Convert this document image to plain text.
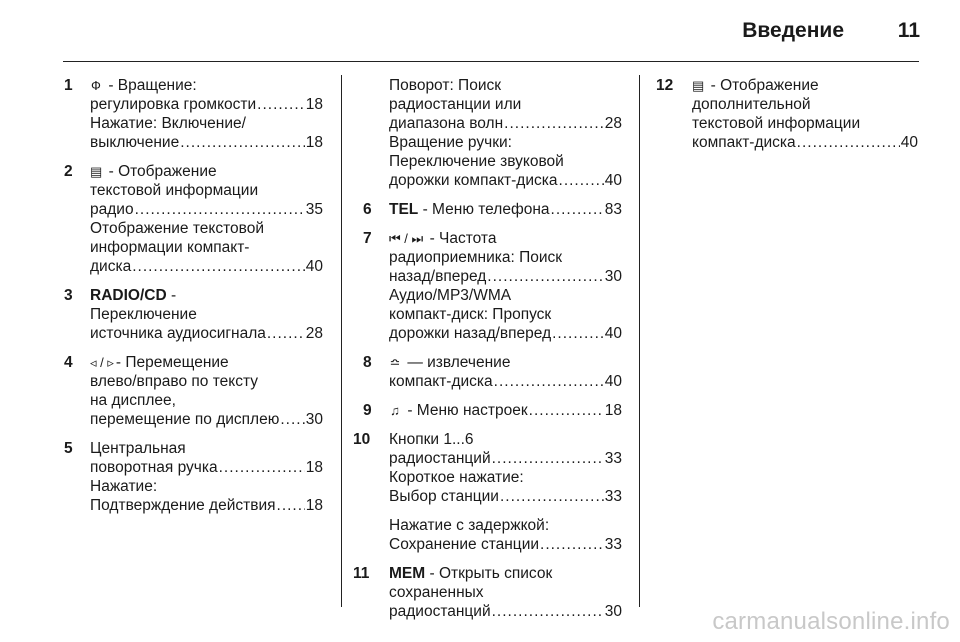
Введение	11
1 Ф - Вращение:
регулировка громкости .....	18
Нажатие: Включение/
выключение .....	18
2 ▤ - Отображение
текстовой информации
радио .....	35
Отображение текстовой
информации компакт-
диска .....	40
3 RADIO/CD -
Переключение
источника аудиосигнала .....	28
4 ◃ / ▹ - Перемещение
влево/вправо по тексту
на дисплее,
перемещение по дисплею ..... 30
5 Центральная
поворотная ручка .....	18
Нажатие:
Подтверждение действия ..... 18
Поворот: Поиск
радиостанции или
диапазона волн .....	28
Вращение ручки:
Переключение звуковой
дорожки компакт-диска .....	40
6 TEL - Меню телефона .....	83
7 ⏮ / ⏭ - Частота
радиоприемника: Поиск
назад/вперед .....	30
Аудио/MP3/WMA
компакт-диск: Пропуск
дорожки назад/вперед .....	40
8 ≏ — извлечение
компакт-диска .....	40
9 ♫ - Меню настроек .....	18
10 Кнопки 1...6
радиостанций .....	33
Короткое нажатие:
Выбор станции .....	33
Нажатие с задержкой:
Сохранение станции .....	33
11 MEM - Открыть список
сохраненных
радиостанций .....	30
12 ▤ - Отображение
дополнительной
текстовой информации
компакт-диска .....	40
carmanualsonline.info
